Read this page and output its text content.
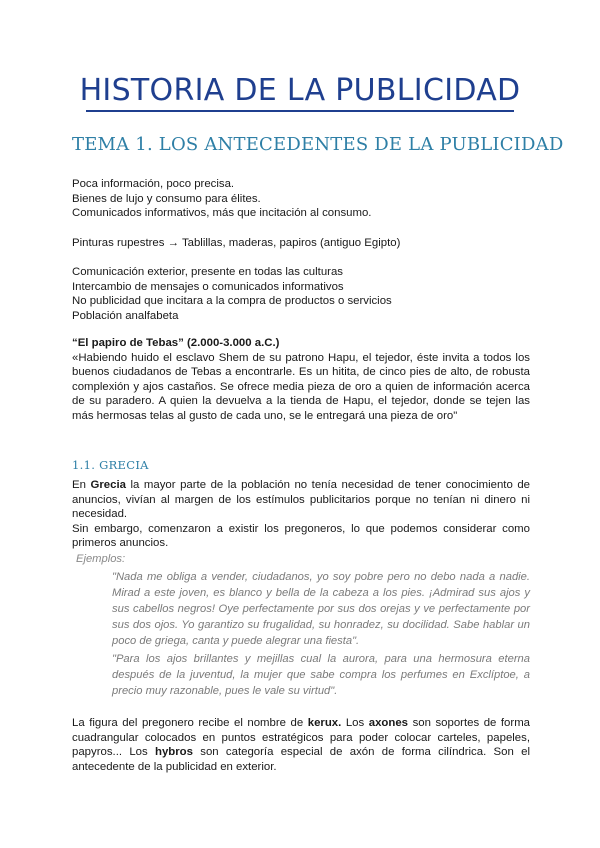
HISTORIA DE LA PUBLICIDAD
TEMA 1. LOS ANTECEDENTES DE LA PUBLICIDAD

Poca información, poco precisa.

Bienes de lujo y consumo para élites.

Comunicados informativos, más que incitación al consumo.

Pinturas rupestres → Tablillas, maderas, papiros (antiguo Egipto)

Comunicación exterior, presente en todas las culturas

Intercambio de mensajes o comunicados informativos

No publicidad que incitara a la compra de productos o servicios

Población analfabeta

“El papiro de Tebas” (2.000-3.000 a.C.)

«Habiendo huido el esclavo Shem de su patrono Hapu, el tejedor, éste invita a todos los buenos ciudadanos de Tebas a encontrarle. Es un hitita, de cinco pies de alto, de robusta complexión y ajos castaños. Se ofrece media pieza de oro a quien de información acerca de su paradero. A quien la devuelva a la tienda de Hapu, el tejedor, donde se tejen las más hermosas telas al gusto de cada uno, se le entregará una pieza de oro"

1.1. GRECIA

En Grecia la mayor parte de la población no tenía necesidad de tener conocimiento de anuncios, vivían al margen de los estímulos publicitarios porque no tenían ni dinero ni necesidad.

Sin embargo, comenzaron a existir los pregoneros, lo que podemos considerar como primeros anuncios.

Ejemplos:
"Nada me obliga a vender, ciudadanos, yo soy pobre pero no debo nada a nadie. Mirad a este joven, es blanco y bella de la cabeza a los pies. ¡Admirad sus ajos y sus cabellos negros! Oye perfectamente por sus dos orejas y ve perfectamente por sus dos ojos. Yo garantizo su frugalidad, su honradez, su docilidad. Sabe hablar un poco de griega, canta y puede alegrar una fiesta".
"Para los ajos brillantes y mejillas cual la aurora, para una hermosura eterna después de la juventud, la mujer que sabe compra los perfumes en Exclíptoe, a precio muy razonable, pues le vale su virtud".

La figura del pregonero recibe el nombre de kerux. Los axones son soportes de forma cuadrangular colocados en puntos estratégicos para poder colocar carteles, papeles, papyros... Los hybros son categoría especial de axón de forma cilíndrica. Son el antecedente de la publicidad en exterior.
